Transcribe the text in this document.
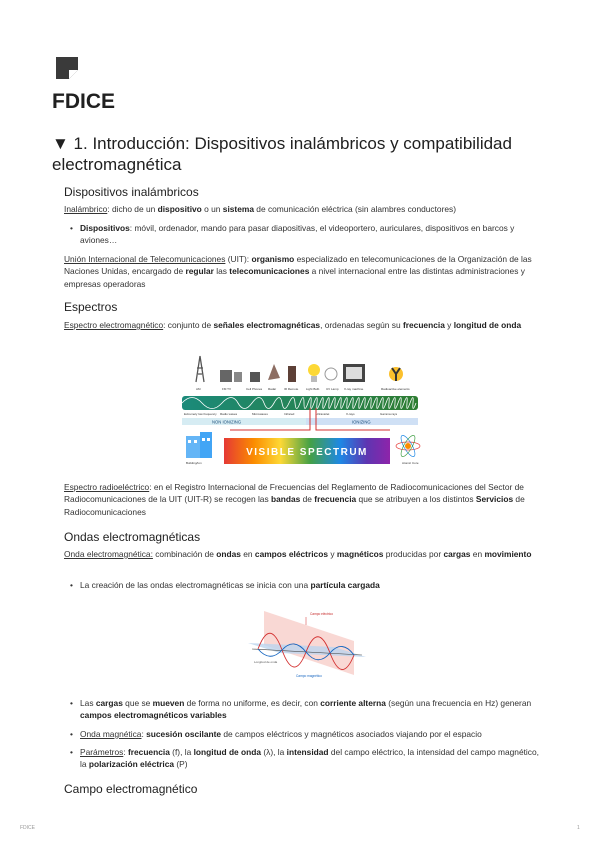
FDICE
▼ 1. Introducción: Dispositivos inalámbricos y compatibilidad electromagnética
Dispositivos inalámbricos

Inalámbrico: dicho de un dispositivo o un sistema de comunicación eléctrica (sin alambres conductores)

• Dispositivos: móvil, ordenador, mando para pasar diapositivas, el videoportero, auriculares, dispositivos en barcos y aviones…

Unión Internacional de Telecomunicaciones (UIT): organismo especializado en telecomunicaciones de la Organización de las Naciones Unidas, encargado de regular las telecomunicaciones a nivel internacional entre las distintas administraciones y empresas operadoras

Espectros

Espectro electromagnético: conjunto de señales electromagnéticas, ordenadas según su frecuencia y longitud de onda

AM	FM TV	Cell Phones Radar	IR Remote	Light Bulb UV Lamp X-ray machine	Radioactive elements
Extremely low frequency Radio waves	Microwaves	Infrared	Ultraviolet	X-rays	Gamma rays
NON IONIZING	IONIZING
Building/Ion
VISIBLE SPECTRUM
Atomic Core

Espectro radioeléctrico: en el Registro Internacional de Frecuencias del Reglamento de Radiocomunicaciones del Sector de Radiocomunicaciones de la UIT (UIT-R) se recogen las bandas de frecuencia que se atribuyen a los distintos Servicios de Radiocomunicaciones

Ondas electromagnéticas

Onda electromagnética: combinación de ondas en campos eléctricos y magnéticos producidas por cargas en movimiento

• La creación de las ondas electromagnéticas se inicia con una partícula cargada

Campo eléctrico
Campo magnético
Longitud de onda

• Las cargas que se mueven de forma no uniforme, es decir, con corriente alterna (según una frecuencia en Hz) generan campos electromagnéticos variables

• Onda magnética: sucesión oscilante de campos eléctricos y magnéticos asociados viajando por el espacio

• Parámetros: frecuencia (f), la longitud de onda (λ), la intensidad del campo eléctrico, la intensidad del campo magnético, la polarización eléctrica (P)

Campo electromagnético
FDICE	1
